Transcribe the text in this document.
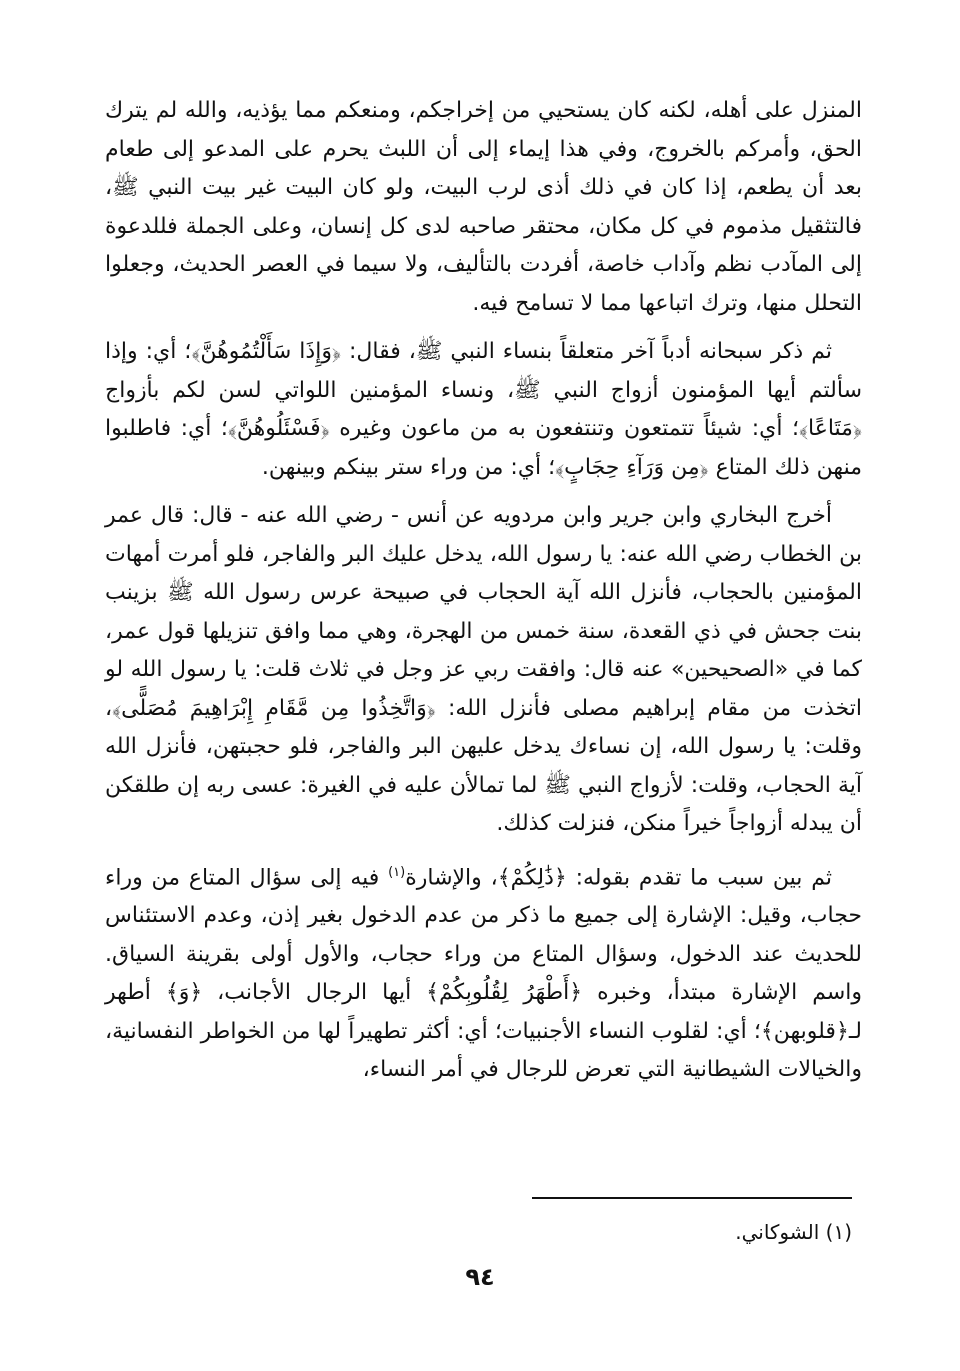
المنزل على أهله، لكنه كان يستحيي من إخراجكم، ومنعكم مما يؤذيه، والله لم يترك الحق، وأمركم بالخروج، وفي هذا إيماء إلى أن اللبث يحرم على المدعو إلى طعام بعد أن يطعم، إذا كان في ذلك أذى لرب البيت، ولو كان البيت غير بيت النبي ﷺ، فالتثقيل مذموم في كل مكان، محتقر صاحبه لدى كل إنسان، وعلى الجملة فللدعوة إلى المآدب نظم وآداب خاصة، أفردت بالتأليف، ولا سيما في العصر الحديث، وجعلوا التحلل منها، وترك اتباعها مما لا تسامح فيه.

ثم ذكر سبحانه أدباً آخر متعلقاً بنساء النبي ﷺ، فقال: ﴿وَإِذَا سَأَلْتُمُوهُنَّ﴾؛ أي: وإذا سألتم أيها المؤمنون أزواج النبي ﷺ، ونساء المؤمنين اللواتي لسن لكم بأزواج ﴿مَتَاعًا﴾؛ أي: شيئاً تتمتعون وتنتفعون به من ماعون وغيره ﴿فَسْئَلُوهُنَّ﴾؛ أي: فاطلبوا منهن ذلك المتاع ﴿مِن وَرَآءِ حِجَابٍ﴾؛ أي: من وراء ستر بينكم وبينهن.

أخرج البخاري وابن جرير وابن مردويه عن أنس - رضي الله عنه - قال: قال عمر بن الخطاب رضي الله عنه: يا رسول الله، يدخل عليك البر والفاجر، فلو أمرت أمهات المؤمنين بالحجاب، فأنزل الله آية الحجاب في صبيحة عرس رسول الله ﷺ بزينب بنت جحش في ذي القعدة، سنة خمس من الهجرة، وهي مما وافق تنزيلها قول عمر، كما في «الصحيحين» عنه قال: وافقت ربي عز وجل في ثلاث قلت: يا رسول الله لو اتخذت من مقام إبراهيم مصلى فأنزل الله: ﴿وَاتَّخِذُوا مِن مَّقَامِ إِبْرَاهِيمَ مُصَلًّى﴾، وقلت: يا رسول الله، إن نساءك يدخل عليهن البر والفاجر، فلو حجبتهن، فأنزل الله آية الحجاب، وقلت: لأزواج النبي ﷺ لما تمالأن عليه في الغيرة: عسى ربه إن طلقكن أن يبدله أزواجاً خيراً منكن، فنزلت كذلك.

ثم بين سبب ما تقدم بقوله: ﴿ذَٰلِكُمْ﴾، والإشارة$^{(١)}$ فيه إلى سؤال المتاع من وراء حجاب، وقيل: الإشارة إلى جميع ما ذكر من عدم الدخول بغير إذن، وعدم الاستئناس للحديث عند الدخول، وسؤال المتاع من وراء حجاب، والأول أولى بقرينة السياق. واسم الإشارة مبتدأ، وخبره ﴿أَطْهَرُ لِقُلُوبِكُمْ﴾ أيها الرجال الأجانب، ﴿وَ﴾ أطهر لـ﴿قلوبهن﴾؛ أي: لقلوب النساء الأجنبيات؛ أي: أكثر تطهيراً لها من الخواطر النفسانية، والخيالات الشيطانية التي تعرض للرجال في أمر النساء،

(١) الشوكاني.
٩٤
